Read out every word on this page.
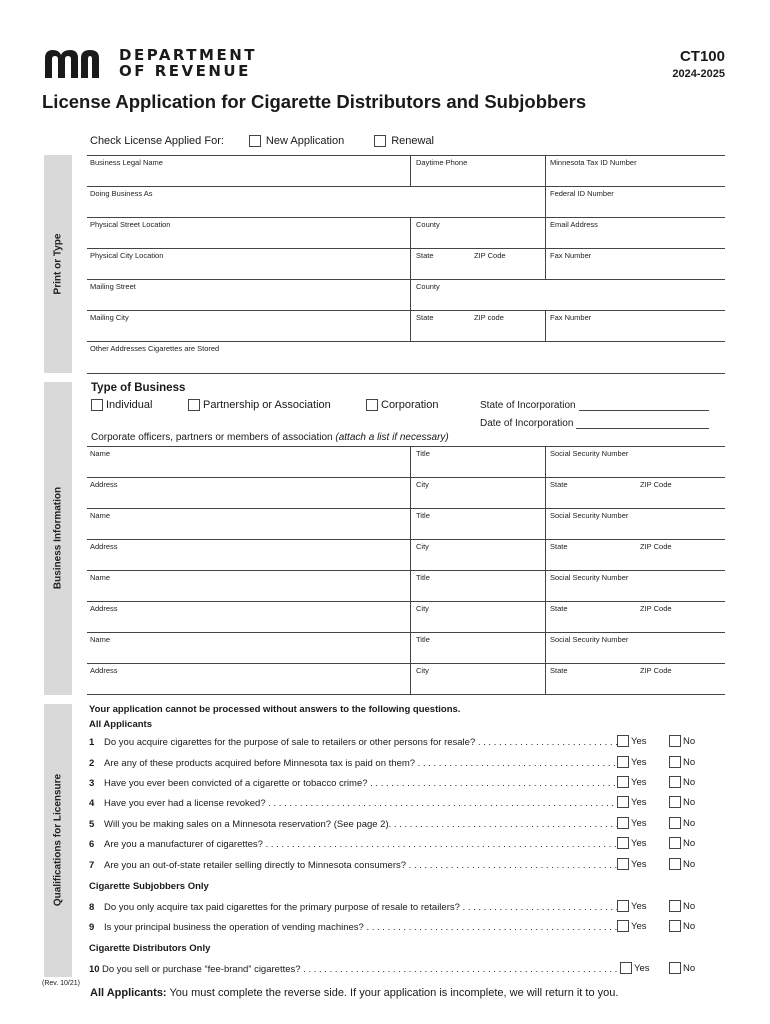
DEPARTMENT
OF REVENUE
CT100
2024-2025
License Application for Cigarette Distributors and Subjobbers
Check License Applied For:	New Application	Renewal
Print or Type
Business Information
Qualifications for Licensure
Business Legal Name	Daytime Phone	Minnesota Tax ID Number
Doing Business As	Federal ID Number
Physical Street Location	County	Email Address
Physical City Location	State	ZIP Code	Fax Number
Mailing Street	County
Mailing City	State	ZIP code	Fax Number
Other Addresses Cigarettes are Stored
Type of Business
Individual	Partnership or Association	Corporation	State of Incorporation
Date of Incorporation
Corporate officers, partners or members of association (attach a list if necessary)
Name	Title	Social Security Number
Address	City	State	ZIP Code
Name	Title	Social Security Number
Address	City	State	ZIP Code
Name	Title	Social Security Number
Address	City	State	ZIP Code
Name	Title	Social Security Number
Address	City	State	ZIP Code
Your application cannot be processed without answers to the following questions.
All Applicants
1 Do you acquire cigarettes for the purpose of sale to retailers or other persons for resale? . . .	Yes	No
2 Are any of these products acquired before Minnesota tax is paid on them? . . .	Yes	No
3 Have you ever been convicted of a cigarette or tobacco crime? . . .	Yes	No
4 Have you ever had a license revoked? . . .	Yes	No
5 Will you be making sales on a Minnesota reservation? (See page 2). . . .	Yes	No
6 Are you a manufacturer of cigarettes? . . .	Yes	No
7 Are you an out-of-state retailer selling directly to Minnesota consumers? . . .	Yes	No
Cigarette Subjobbers Only
8 Do you only acquire tax paid cigarettes for the primary purpose of resale to retailers? . . .	Yes	No
9 Is your principal business the operation of vending machines? . . .	Yes	No
Cigarette Distributors Only
10 Do you sell or purchase “fee-brand” cigarettes? . . .	Yes	No
(Rev. 10/21)
All Applicants: You must complete the reverse side. If your application is incomplete, we will return it to you.
